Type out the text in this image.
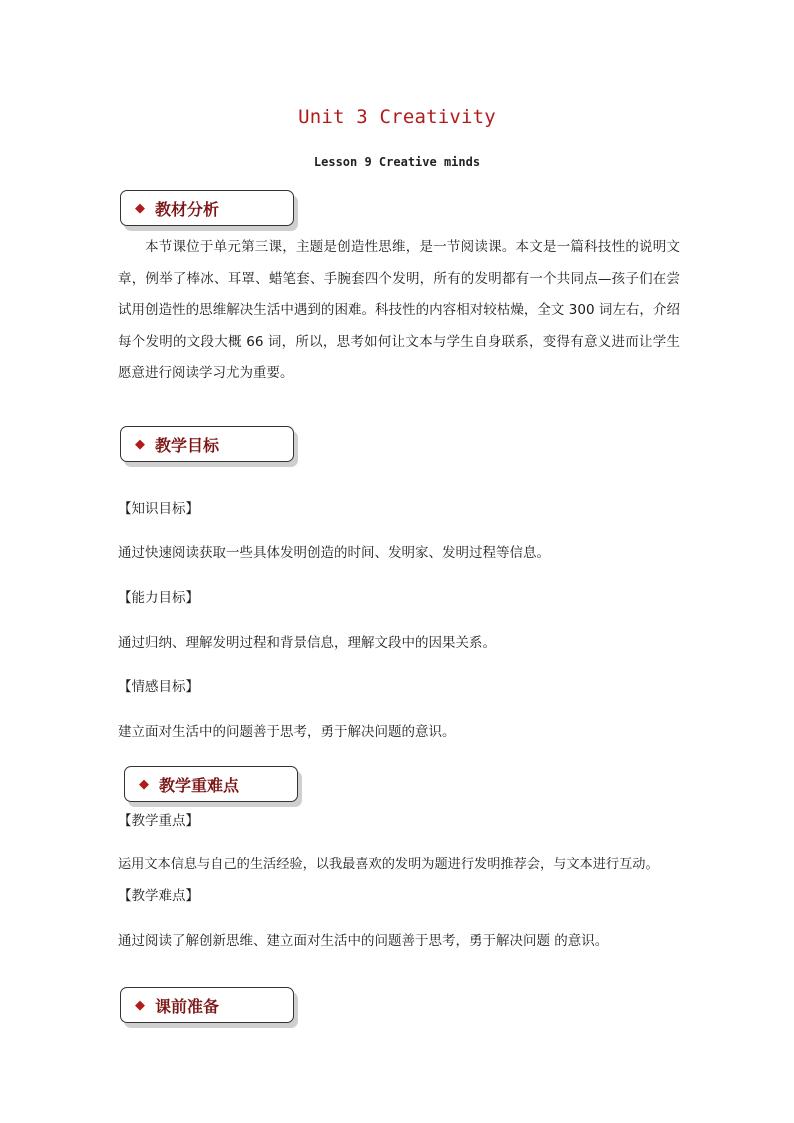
Unit 3 Creativity
Lesson 9 Creative minds
◆ 教材分析
本节课位于单元第三课，主题是创造性思维，是一节阅读课。本文是一篇科技性的说明文章，例举了棒冰、耳罩、蜡笔套、手腕套四个发明，所有的发明都有一个共同点—孩子们在尝试用创造性的思维解决生活中遇到的困难。科技性的内容相对较枯燥，全文 300 词左右，介绍每个发明的文段大概 66 词，所以，思考如何让文本与学生自身联系，变得有意义进而让学生愿意进行阅读学习尤为重要。
◆ 教学目标
【知识目标】
通过快速阅读获取一些具体发明创造的时间、发明家、发明过程等信息。
【能力目标】
通过归纳、理解发明过程和背景信息，理解文段中的因果关系。
【情感目标】
建立面对生活中的问题善于思考，勇于解决问题的意识。
◆ 教学重难点
【教学重点】
运用文本信息与自己的生活经验，以我最喜欢的发明为题进行发明推荐会，与文本进行互动。
【教学难点】
通过阅读了解创新思维、建立面对生活中的问题善于思考，勇于解决问题 的意识。
◆ 课前准备
